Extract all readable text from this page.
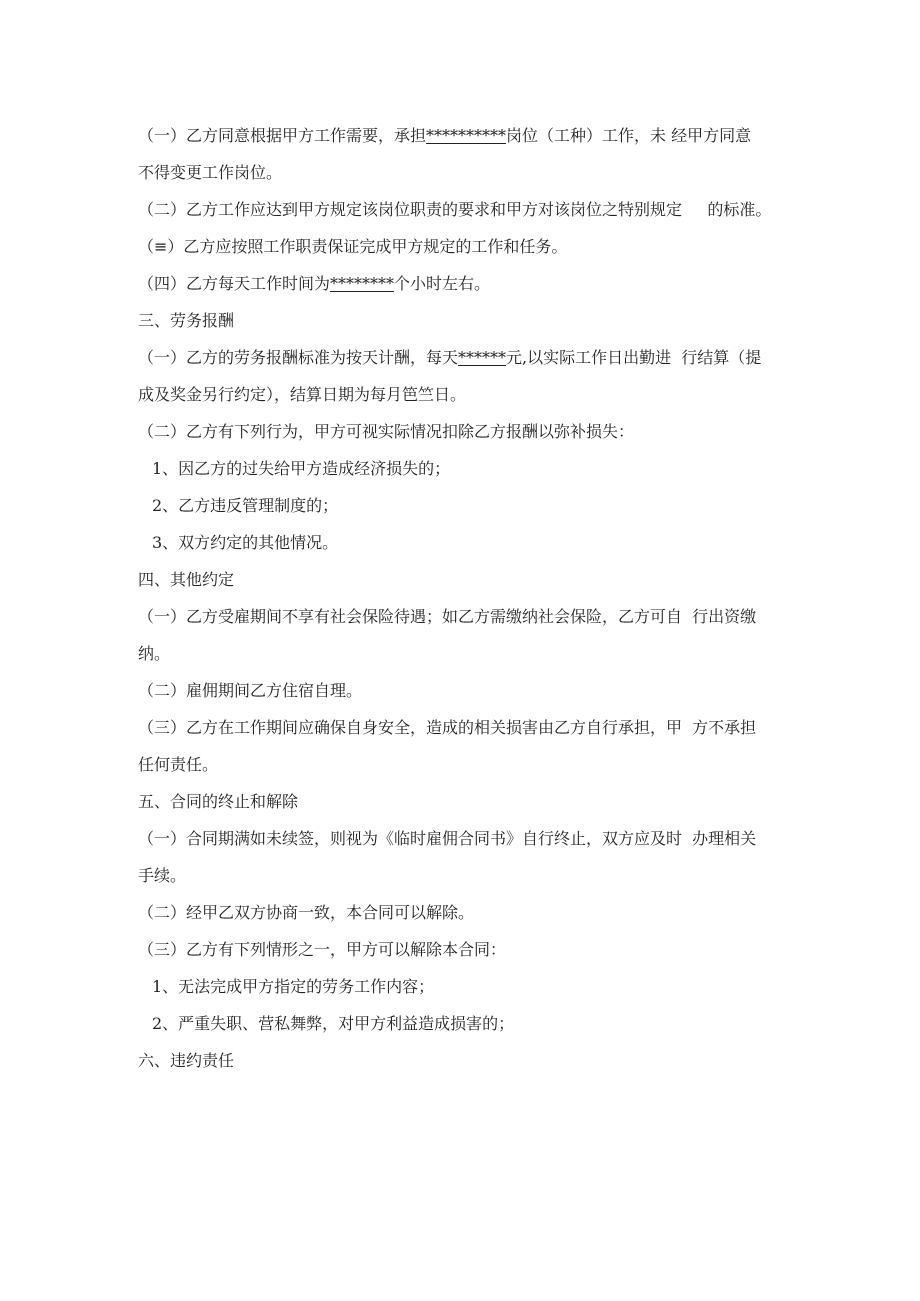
（一）乙方同意根据甲方工作需要，承担**********岗位（工种）工作，未 经甲方同意
不得变更工作岗位。
（二）乙方工作应达到甲方规定该岗位职责的要求和甲方对该岗位之特别规定     的标准。
（≡）乙方应按照工作职责保证完成甲方规定的工作和任务。
（四）乙方每天工作时间为********个小时左右。
三、劳务报酬
（一）乙方的劳务报酬标准为按天计酬，每天******元,以实际工作日出勤进  行结算（提
成及奖金另行约定），结算日期为每月笆竺日。
（二）乙方有下列行为，甲方可视实际情况扣除乙方报酬以弥补损失：
1、因乙方的过失给甲方造成经济损失的；
2、乙方违反管理制度的；
3、双方约定的其他情况。
四、其他约定
（一）乙方受雇期间不享有社会保险待遇；如乙方需缴纳社会保险，乙方可自  行出资缴
纳。
（二）雇佣期间乙方住宿自理。
（三）乙方在工作期间应确保自身安全，造成的相关损害由乙方自行承担，甲  方不承担
任何责任。
五、合同的终止和解除
（一）合同期满如未续签，则视为《临时雇佣合同书》自行终止，双方应及时  办理相关
手续。
（二）经甲乙双方协商一致，本合同可以解除。
（三）乙方有下列情形之一，甲方可以解除本合同：
1、无法完成甲方指定的劳务工作内容；
2、严重失职、营私舞弊，对甲方利益造成损害的；
六、违约责任
